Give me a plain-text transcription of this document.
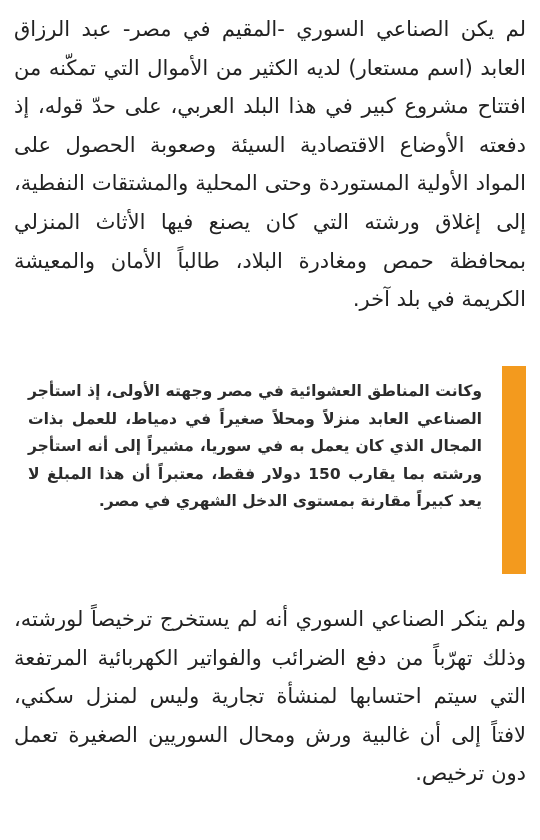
لم يكن الصناعي السوري -المقيم في مصر- عبد الرزاق العابد (اسم مستعار) لديه الكثير من الأموال التي تمكّنه من افتتاح مشروع كبير في هذا البلد العربي، على حدّ قوله، إذ دفعته الأوضاع الاقتصادية السيئة وصعوبة الحصول على المواد الأولية المستوردة وحتى المحلية والمشتقات النفطية، إلى إغلاق ورشته التي كان يصنع فيها الأثاث المنزلي بمحافظة حمص ومغادرة البلاد، طالباً الأمان والمعيشة الكريمة في بلد آخر.

وكانت المناطق العشوائية في مصر وجهته الأولى، إذ استأجر الصناعي العابد منزلاً ومحلاً صغيراً في دمياط، للعمل بذات المجال الذي كان يعمل به في سوريا، مشيراً إلى أنه استأجر ورشته بما يقارب 150 دولار فقط، معتبراً أن هذا المبلغ لا يعد كبيراً مقارنة بمستوى الدخل الشهري في مصر.

ولم ينكر الصناعي السوري أنه لم يستخرج ترخيصاً لورشته، وذلك تهرّباً من دفع الضرائب والفواتير الكهربائية المرتفعة التي سيتم احتسابها لمنشأة تجارية وليس لمنزل سكني، لافتاً إلى أن غالبية ورش ومحال السوريين الصغيرة تعمل دون ترخيص.
